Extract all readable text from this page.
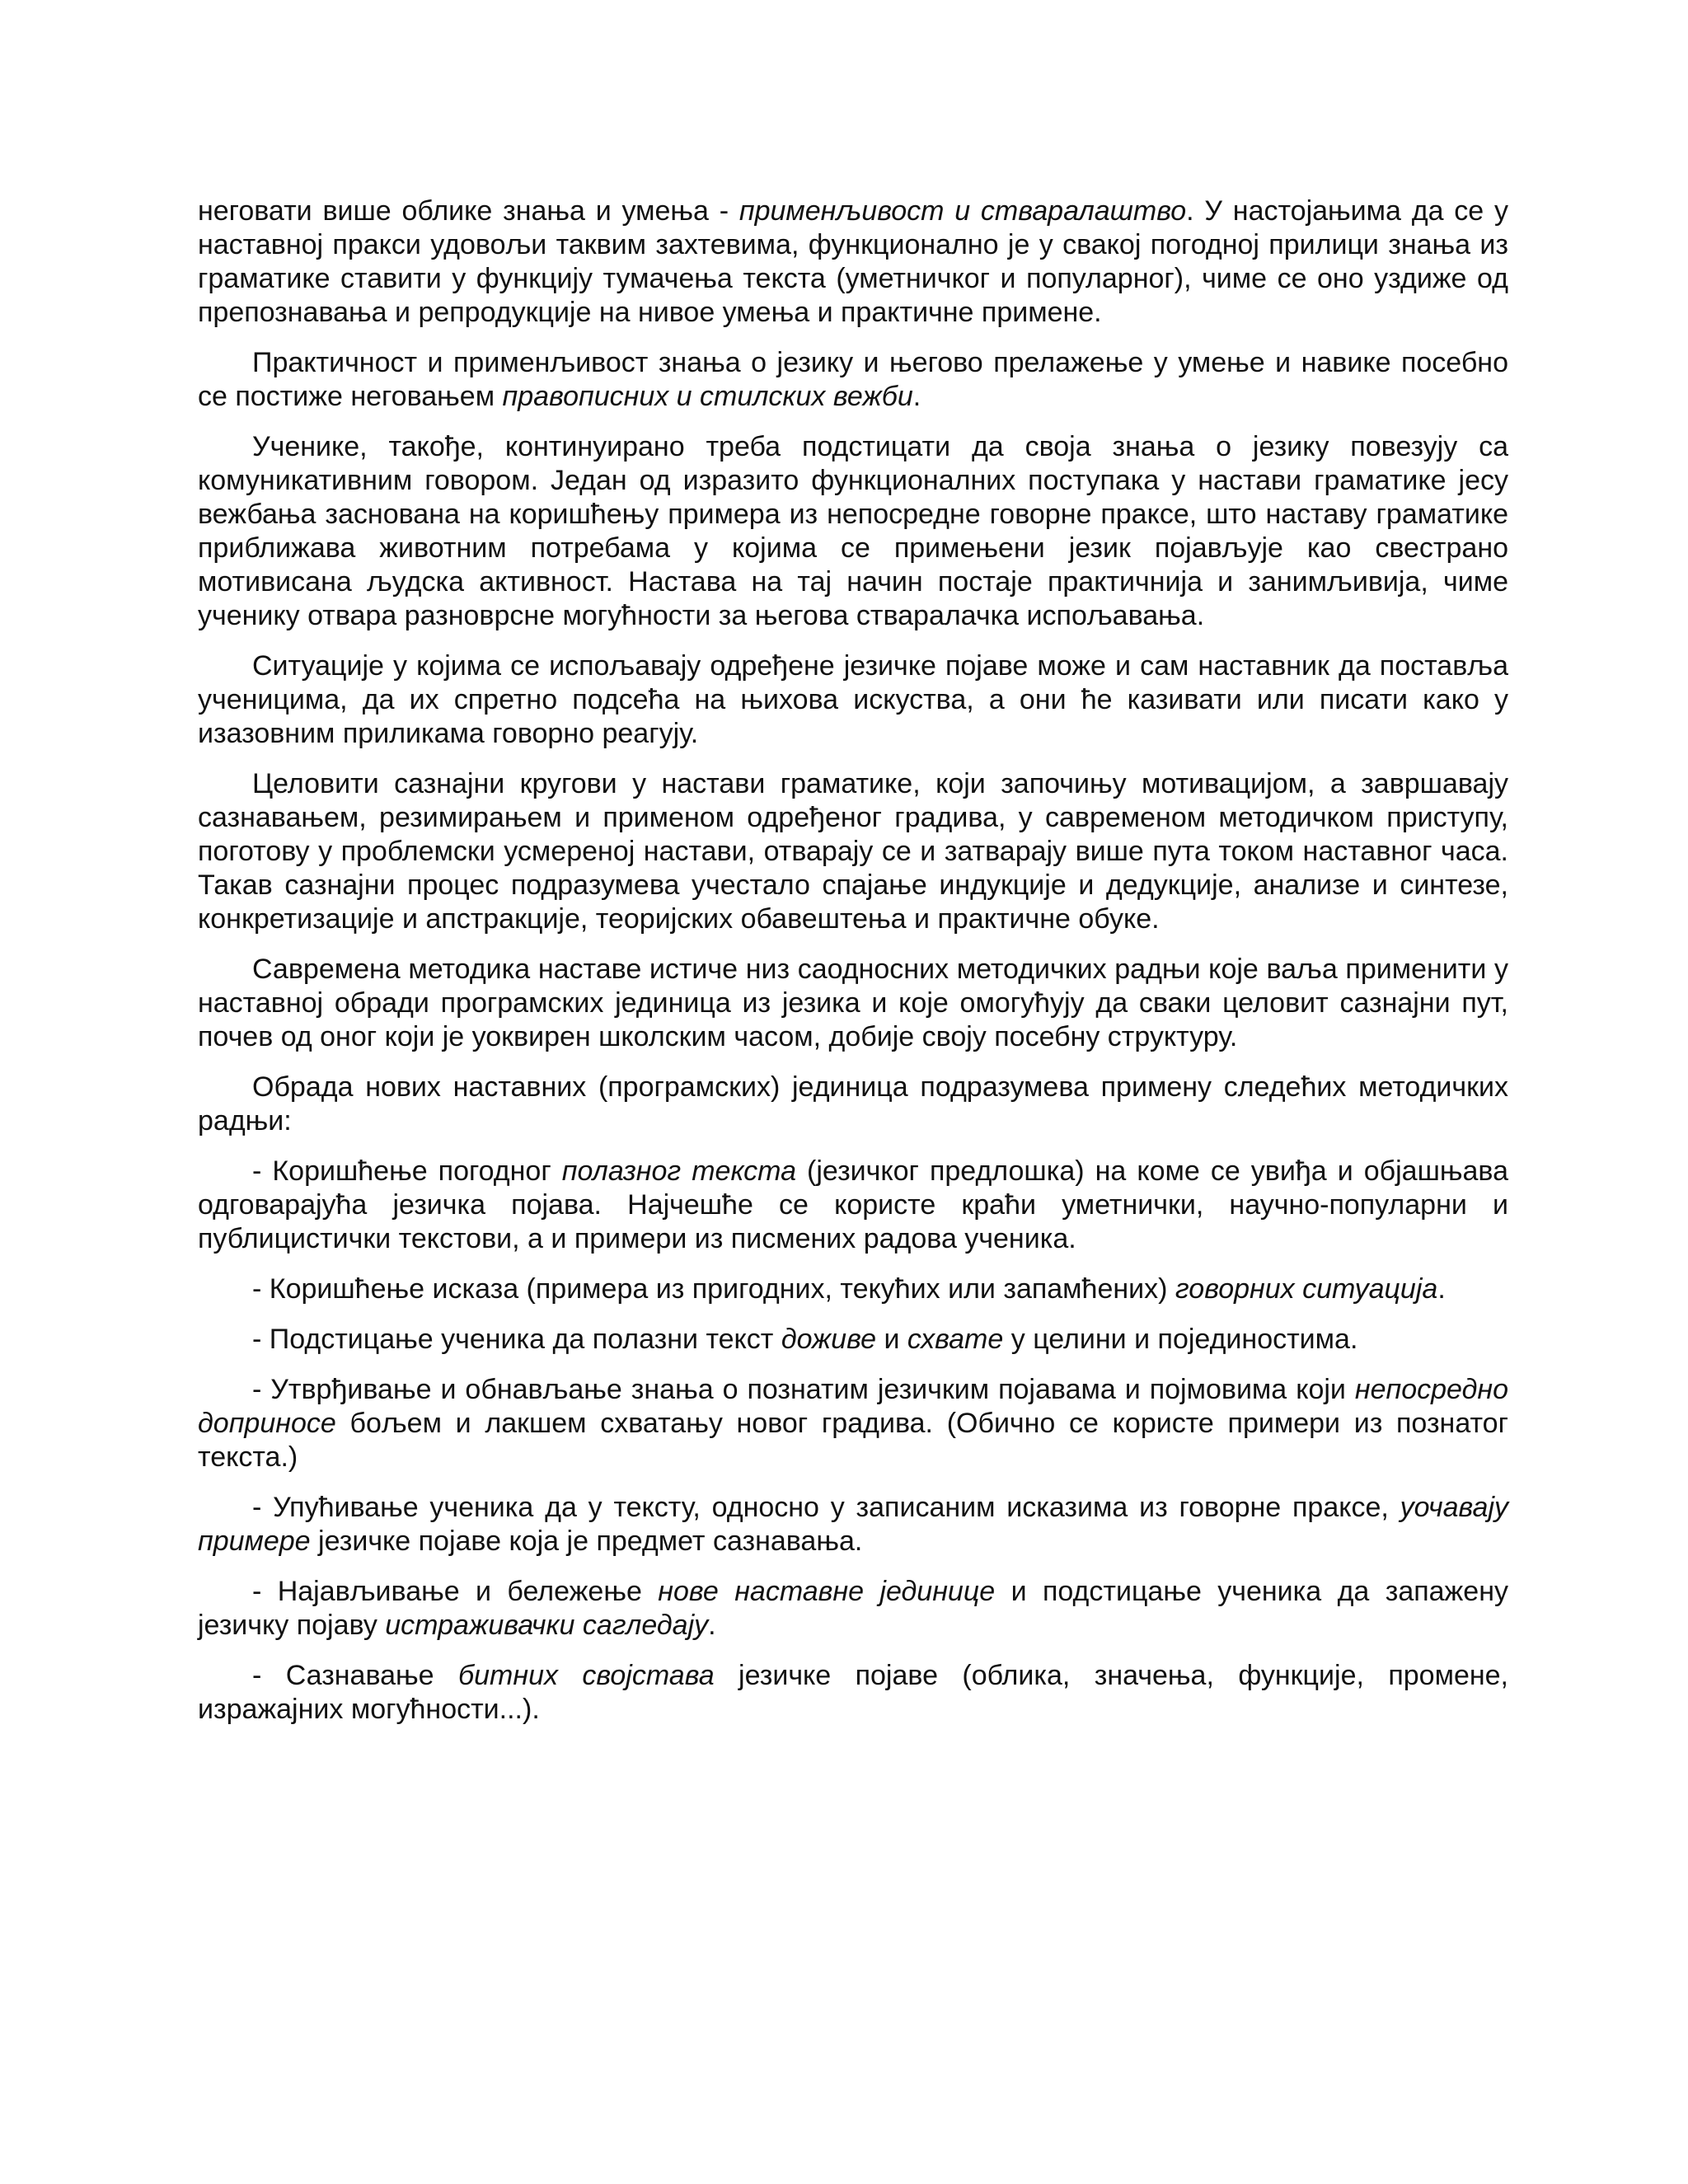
неговати више облике знања и умења - применљивост и стваралаштво. У настојањима да се у наставној пракси удовољи таквим захтевима, функционално је у свакој погодној прилици знања из граматике ставити у функцију тумачења текста (уметничког и популарног), чиме се оно уздиже од препознавања и репродукције на нивое умења и практичне примене.

Практичност и применљивост знања о језику и његово прелажење у умење и навике посебно се постиже неговањем правописних и стилских вежби.

Ученике, такође, континуирано треба подстицати да своја знања о језику повезују са комуникативним говором. Један од изразито функционалних поступака у настави граматике јесу вежбања заснована на коришћењу примера из непосредне говорне праксе, што наставу граматике приближава животним потребама у којима се примењени језик појављује као свестрано мотивисана људска активност. Настава на тај начин постаје практичнија и занимљивија, чиме ученику отвара разноврсне могућности за његова стваралачка испољавања.

Ситуације у којима се испољавају одређене језичке појаве може и сам наставник да поставља ученицима, да их спретно подсећа на њихова искуства, а они ће казивати или писати како у изазовним приликама говорно реагују.

Целовити сазнајни кругови у настави граматике, који започињу мотивацијом, а завршавају сазнавањем, резимирањем и применом одређеног градива, у савременом методичком приступу, поготову у проблемски усмереној настави, отварају се и затварају више пута током наставног часа. Такав сазнајни процес подразумева учестало спајање индукције и дедукције, анализе и синтезе, конкретизације и апстракције, теоријских обавештења и практичне обуке.

Савремена методика наставе истиче низ саодносних методичких радњи које ваља применити у наставној обради програмских јединица из језика и које омогућују да сваки целовит сазнајни пут, почев од оног који је уоквирен школским часом, добије своју посебну структуру.

Обрада нових наставних (програмских) јединица подразумева примену следећих методичких радњи:

- Коришћење погодног полазног текста (језичког предлошка) на коме се увиђа и објашњава одговарајућа језичка појава. Најчешће се користе краћи уметнички, научно-популарни и публицистички текстови, а и примери из писмених радова ученика.

- Коришћење исказа (примера из пригодних, текућих или запамћених) говорних ситуација.

- Подстицање ученика да полазни текст доживе и схвате у целини и појединостима.

- Утврђивање и обнављање знања о познатим језичким појавама и појмовима који непосредно доприносе бољем и лакшем схватању новог градива. (Обично се користе примери из познатог текста.)

- Упућивање ученика да у тексту, односно у записаним исказима из говорне праксе, уочавају примере језичке појаве која је предмет сазнавања.

- Најављивање и бележење нове наставне јединице и подстицање ученика да запажену језичку појаву истраживачки сагледају.

- Сазнавање битних својстава језичке појаве (облика, значења, функције, промене, изражајних могућности...).
